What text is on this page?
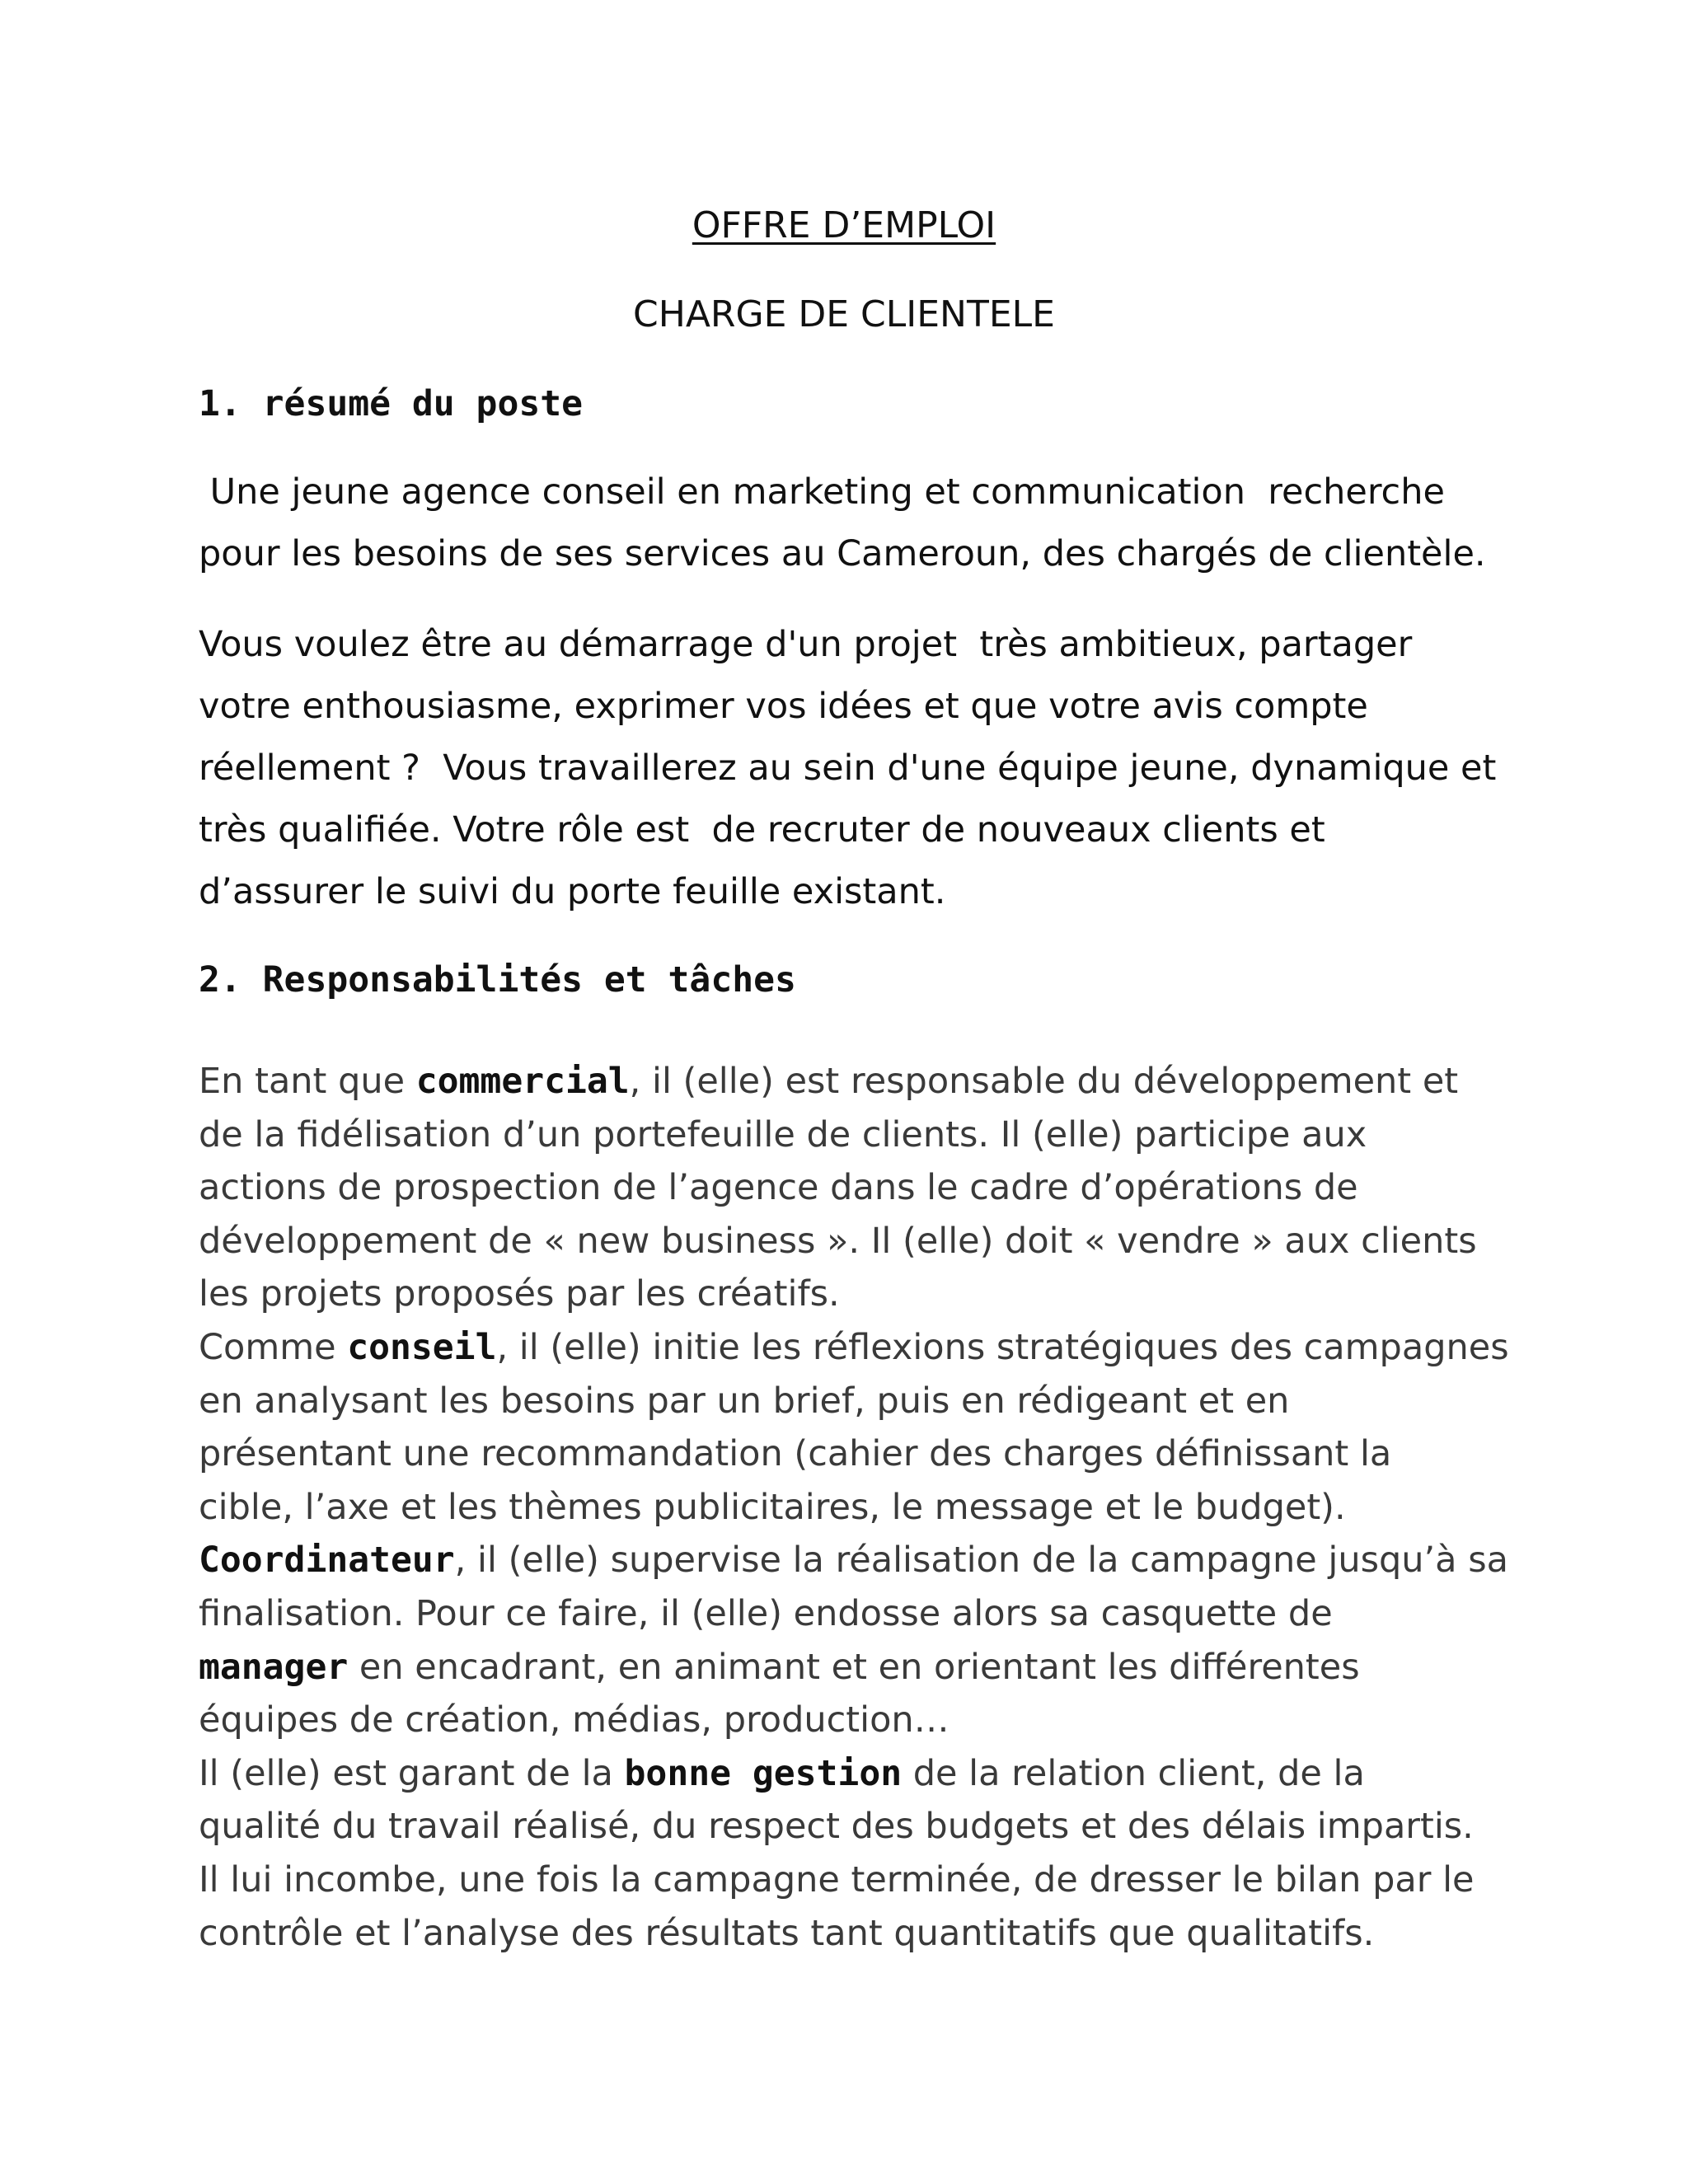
OFFRE D’EMPLOI
CHARGE DE CLIENTELE
1. résumé du poste
Une jeune agence conseil en marketing et communication  recherche
pour les besoins de ses services au Cameroun, des chargés de clientèle.
Vous voulez être au démarrage d'un projet  très ambitieux, partager
votre enthousiasme, exprimer vos idées et que votre avis compte
réellement ?  Vous travaillerez au sein d'une équipe jeune, dynamique et
très qualifiée. Votre rôle est  de recruter de nouveaux clients et
d’assurer le suivi du porte feuille existant.
2. Responsabilités et tâches
En tant que commercial, il (elle) est responsable du développement et
de la fidélisation d’un portefeuille de clients. Il (elle) participe aux
actions de prospection de l’agence dans le cadre d’opérations de
développement de « new business ». Il (elle) doit « vendre » aux clients
les projets proposés par les créatifs.
Comme conseil, il (elle) initie les réflexions stratégiques des campagnes
en analysant les besoins par un brief, puis en rédigeant et en
présentant une recommandation (cahier des charges définissant la
cible, l’axe et les thèmes publicitaires, le message et le budget).
Coordinateur, il (elle) supervise la réalisation de la campagne jusqu’à sa
finalisation. Pour ce faire, il (elle) endosse alors sa casquette de
manager en encadrant, en animant et en orientant les différentes
équipes de création, médias, production…
Il (elle) est garant de la bonne gestion de la relation client, de la
qualité du travail réalisé, du respect des budgets et des délais impartis.
Il lui incombe, une fois la campagne terminée, de dresser le bilan par le
contrôle et l’analyse des résultats tant quantitatifs que qualitatifs.
